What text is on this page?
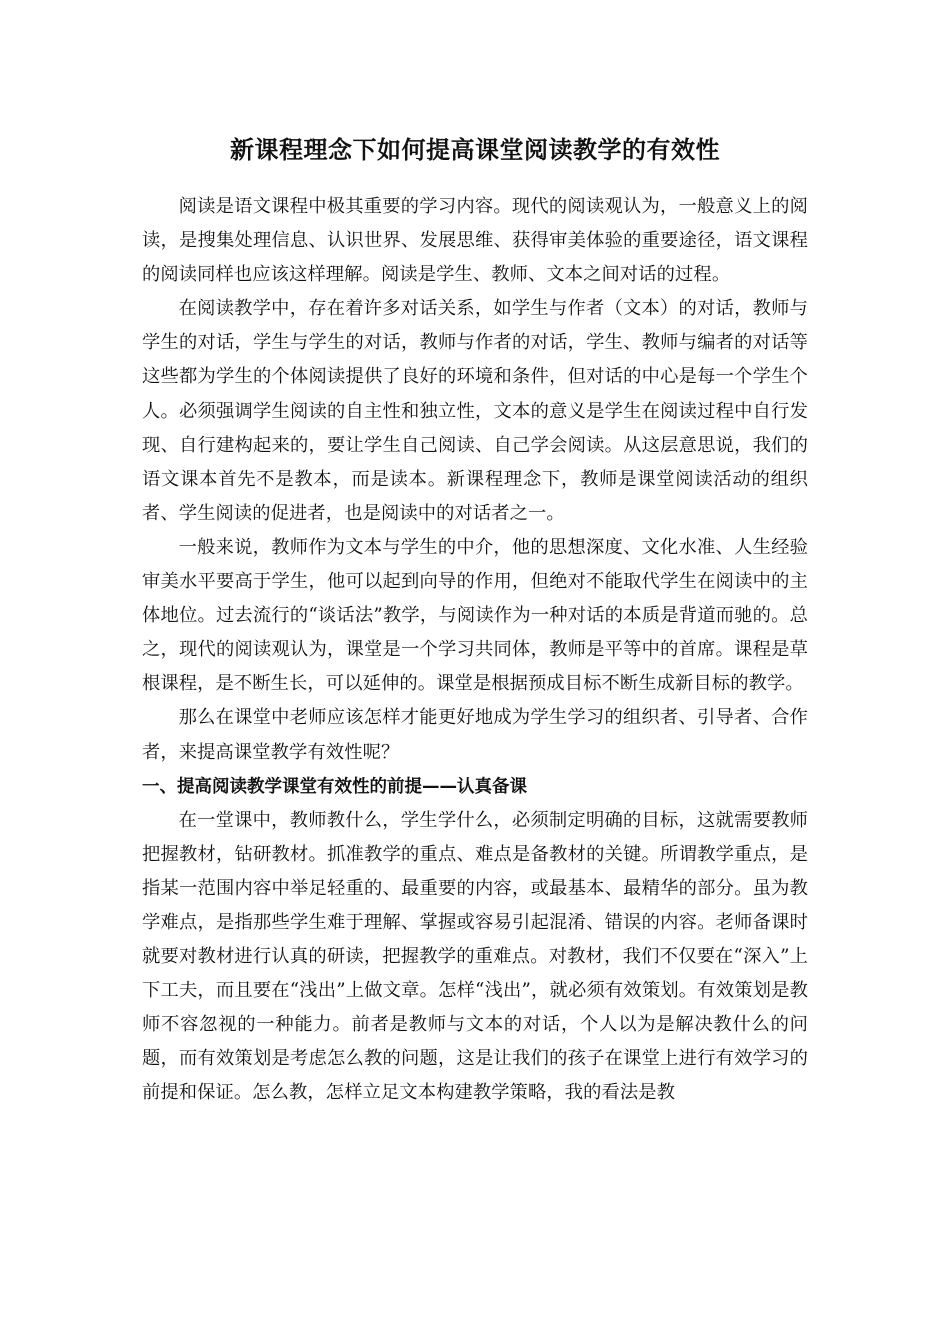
新课程理念下如何提高课堂阅读教学的有效性

阅读是语文课程中极其重要的学习内容。现代的阅读观认为，一般意义上的阅读，是搜集处理信息、认识世界、发展思维、获得审美体验的重要途径，语文课程的阅读同样也应该这样理解。阅读是学生、教师、文本之间对话的过程。

在阅读教学中，存在着许多对话关系，如学生与作者（文本）的对话，教师与学生的对话，学生与学生的对话，教师与作者的对话，学生、教师与编者的对话等这些都为学生的个体阅读提供了良好的环境和条件，但对话的中心是每一个学生个人。必须强调学生阅读的自主性和独立性，文本的意义是学生在阅读过程中自行发现、自行建构起来的，要让学生自己阅读、自己学会阅读。从这层意思说，我们的语文课本首先不是教本，而是读本。新课程理念下，教师是课堂阅读活动的组织者、学生阅读的促进者，也是阅读中的对话者之一。

一般来说，教师作为文本与学生的中介，他的思想深度、文化水准、人生经验审美水平要高于学生，他可以起到向导的作用，但绝对不能取代学生在阅读中的主体地位。过去流行的“谈话法”教学，与阅读作为一种对话的本质是背道而驰的。总之，现代的阅读观认为，课堂是一个学习共同体，教师是平等中的首席。课程是草根课程，是不断生长，可以延伸的。课堂是根据预成目标不断生成新目标的教学。

那么在课堂中老师应该怎样才能更好地成为学生学习的组织者、引导者、合作者，来提高课堂教学有效性呢？

一、提高阅读教学课堂有效性的前提——认真备课

在一堂课中，教师教什么，学生学什么，必须制定明确的目标，这就需要教师把握教材，钻研教材。抓准教学的重点、难点是备教材的关键。所谓教学重点，是指某一范围内容中举足轻重的、最重要的内容，或最基本、最精华的部分。虽为教学难点，是指那些学生难于理解、掌握或容易引起混淆、错误的内容。老师备课时就要对教材进行认真的研读，把握教学的重难点。对教材，我们不仅要在“深入”上下工夫，而且要在“浅出”上做文章。怎样“浅出”，就必须有效策划。有效策划是教师不容忽视的一种能力。前者是教师与文本的对话，个人以为是解决教什么的问题，而有效策划是考虑怎么教的问题，这是让我们的孩子在课堂上进行有效学习的前提和保证。怎么教，怎样立足文本构建教学策略，我的看法是教
